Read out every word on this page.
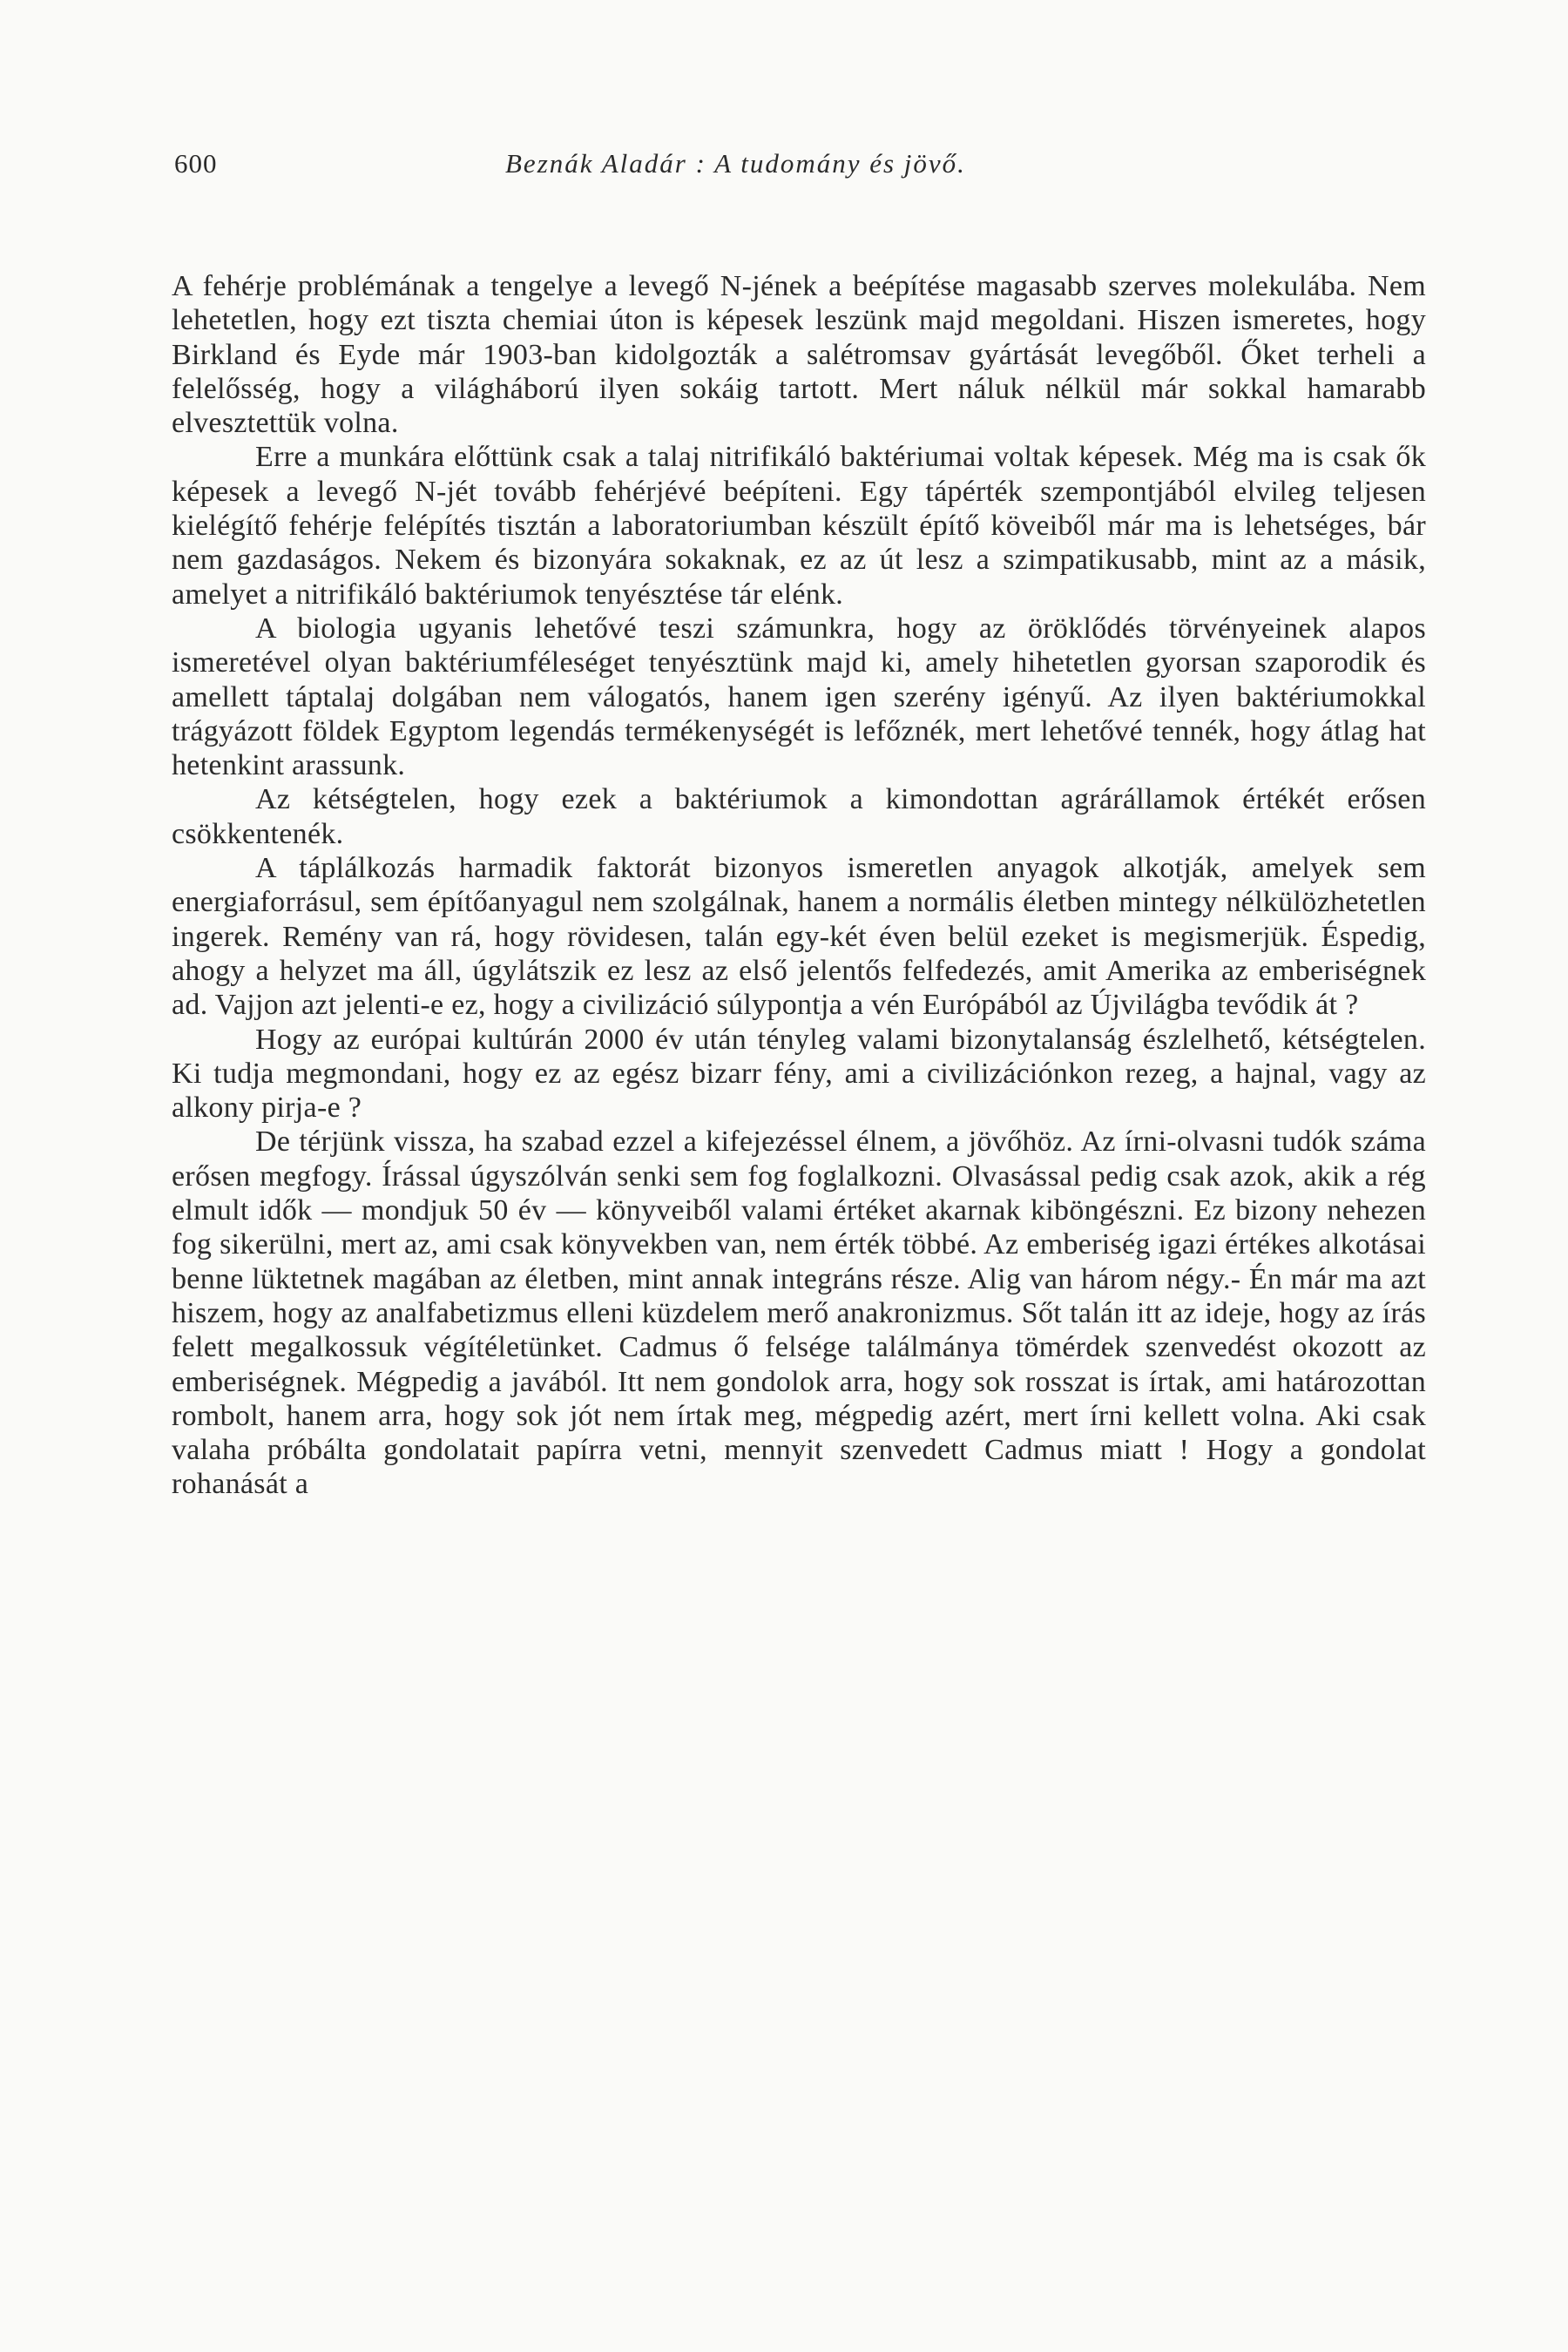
600	Beznák Aladár : A tudomány és jövő.

A fehérje problémának a tengelye a levegő N-jének a beépítése magasabb szerves molekulába. Nem lehetetlen, hogy ezt tiszta chemiai úton is képesek leszünk majd megoldani. Hiszen ismeretes, hogy Birkland és Eyde már 1903-ban kidolgozták a salétromsav gyártását levegőből. Őket terheli a felelősség, hogy a világháború ilyen sokáig tartott. Mert náluk nélkül már sokkal hamarabb elvesztettük volna.

Erre a munkára előttünk csak a talaj nitrifikáló baktériumai voltak képesek. Még ma is csak ők képesek a levegő N-jét tovább fehérjévé beépíteni. Egy tápérték szempontjából elvileg teljesen kielégítő fehérje felépítés tisztán a laboratoriumban készült építő köveiből már ma is lehetséges, bár nem gazdaságos. Nekem és bizonyára sokaknak, ez az út lesz a szimpatikusabb, mint az a másik, amelyet a nitrifikáló baktériumok tenyésztése tár elénk.

A biologia ugyanis lehetővé teszi számunkra, hogy az öröklődés törvényeinek alapos ismeretével olyan baktériumféleséget tenyésztünk majd ki, amely hihetetlen gyorsan szaporodik és amellett táptalaj dolgában nem válogatós, hanem igen szerény igényű. Az ilyen baktériumokkal trágyázott földek Egyptom legendás termékenységét is lefőznék, mert lehetővé tennék, hogy átlag hat hetenkint arassunk.

Az kétségtelen, hogy ezek a baktériumok a kimondottan agrárállamok értékét erősen csökkentenék.

A táplálkozás harmadik faktorát bizonyos ismeretlen anyagok alkotják, amelyek sem energiaforrásul, sem építőanyagul nem szolgálnak, hanem a normális életben mintegy nélkülözhetetlen ingerek. Remény van rá, hogy rövidesen, talán egy-két éven belül ezeket is megismerjük. Éspedig, ahogy a helyzet ma áll, úgylátszik ez lesz az első jelentős felfedezés, amit Amerika az emberiségnek ad. Vajjon azt jelenti-e ez, hogy a civilizáció súlypontja a vén Európából az Újvilágba tevődik át ?

Hogy az európai kultúrán 2000 év után tényleg valami bizonytalanság észlelhető, kétségtelen. Ki tudja megmondani, hogy ez az egész bizarr fény, ami a civilizációnkon rezeg, a hajnal, vagy az alkony pirja-e ?

De térjünk vissza, ha szabad ezzel a kifejezéssel élnem, a jövőhöz. Az írni-olvasni tudók száma erősen megfogy. Írással úgyszólván senki sem fog foglalkozni. Olvasással pedig csak azok, akik a rég elmult idők — mondjuk 50 év — könyveiből valami értéket akarnak kiböngészni. Ez bizony nehezen fog sikerülni, mert az, ami csak könyvekben van, nem érték többé. Az emberiség igazi értékes alkotásai benne lüktetnek magában az életben, mint annak integráns része. Alig van három négy.- Én már ma azt hiszem, hogy az analfabetizmus elleni küzdelem merő anakronizmus. Sőt talán itt az ideje, hogy az írás felett megalkossuk végítéletünket. Cadmus ő felsége találmánya tömérdek szenvedést okozott az emberiségnek. Mégpedig a javából. Itt nem gondolok arra, hogy sok rosszat is írtak, ami határozottan rombolt, hanem arra, hogy sok jót nem írtak meg, mégpedig azért, mert írni kellett volna. Aki csak valaha próbálta gondolatait papírra vetni, mennyit szenvedett Cadmus miatt ! Hogy a gondolat rohanását a
